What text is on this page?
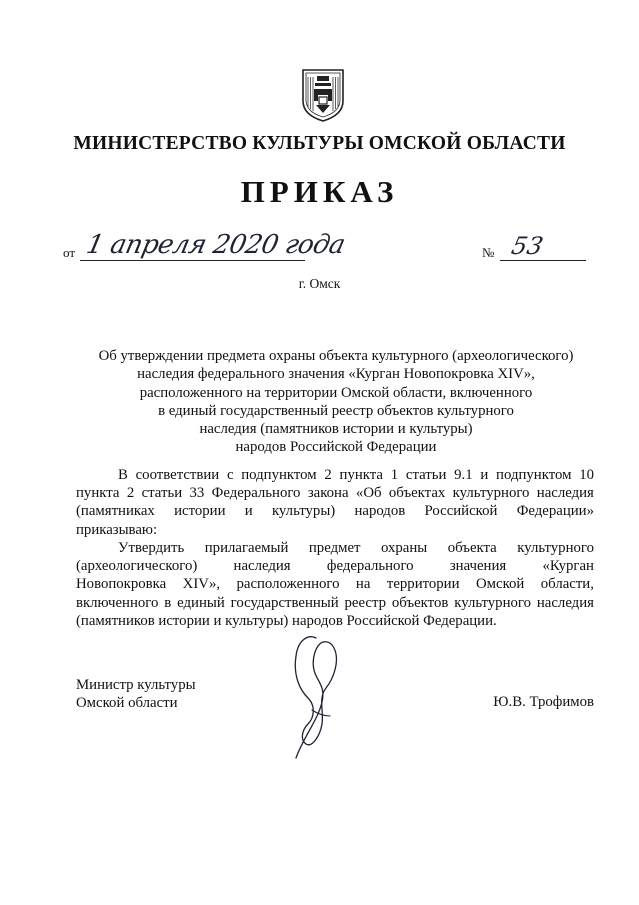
МИНИСТЕРСТВО КУЛЬТУРЫ ОМСКОЙ ОБЛАСТИ
ПРИКАЗ
от 1 апреля 2020 года	№ 53
г. Омск
Об утверждении предмета охраны объекта культурного (археологического)
наследия федерального значения «Курган Новопокровка XIV»,
расположенного на территории Омской области, включенного
в единый государственный реестр объектов культурного
наследия (памятников истории и культуры)
народов Российской Федерации
В соответствии с подпунктом 2 пункта 1 статьи 9.1 и подпунктом 10
пункта 2 статьи 33 Федерального закона «Об объектах культурного наследия
(памятниках истории и культуры) народов Российской Федерации»
приказываю:
Утвердить прилагаемый предмет охраны объекта культурного
(археологического) наследия федерального значения «Курган
Новопокровка XIV», расположенного на территории Омской области,
включенного в единый государственный реестр объектов культурного наследия
(памятников истории и культуры) народов Российской Федерации.
Министр культуры
Омской области	Ю.В. Трофимов
